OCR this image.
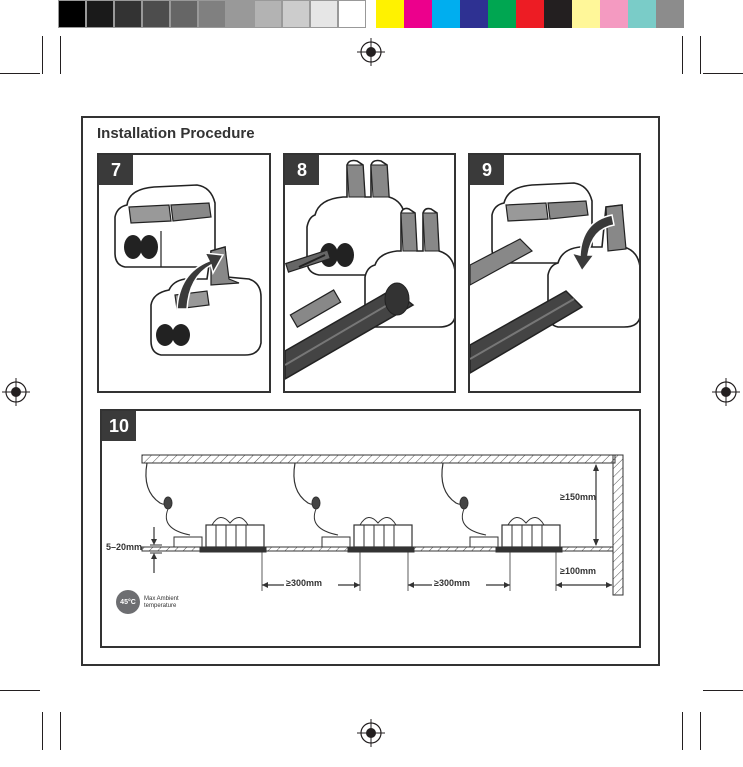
Installation Procedure
7	8	9
10
5–20mm
≥300mm	≥300mm
≥150mm
≥100mm
45°C	Max Ambient
temperature
